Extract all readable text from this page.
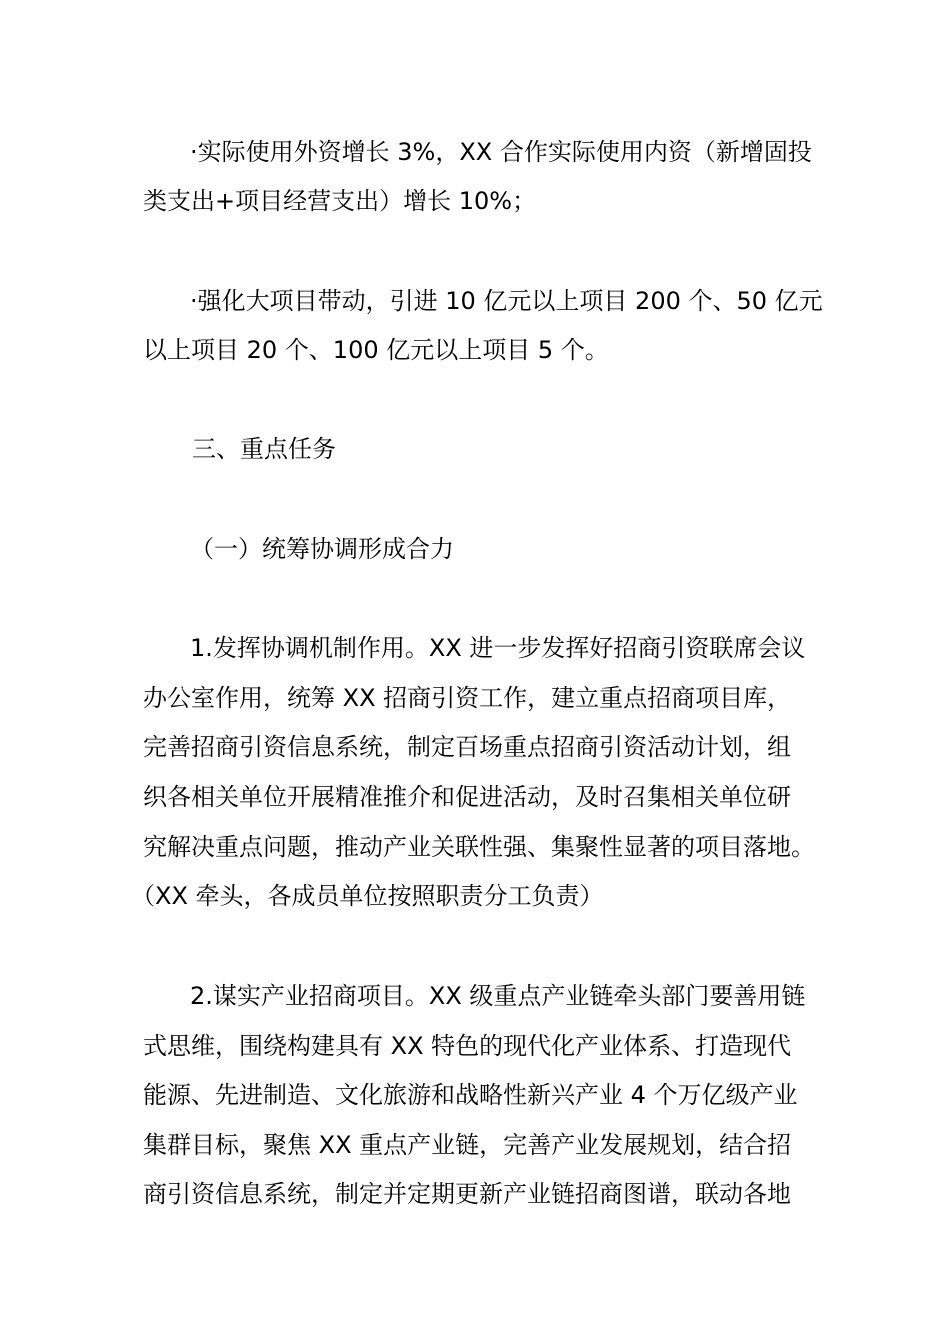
·实际使用外资增长 3%，XX 合作实际使用内资（新增固投
类支出+项目经营支出）增长 10%；
·强化大项目带动，引进 10 亿元以上项目 200 个、50 亿元
以上项目 20 个、100 亿元以上项目 5 个。
三、重点任务
（一）统筹协调形成合力
1.发挥协调机制作用。XX 进一步发挥好招商引资联席会议
办公室作用，统筹 XX 招商引资工作，建立重点招商项目库，
完善招商引资信息系统，制定百场重点招商引资活动计划，组
织各相关单位开展精准推介和促进活动，及时召集相关单位研
究解决重点问题，推动产业关联性强、集聚性显著的项目落地。
（XX 牵头，各成员单位按照职责分工负责）
2.谋实产业招商项目。XX 级重点产业链牵头部门要善用链
式思维，围绕构建具有 XX 特色的现代化产业体系、打造现代
能源、先进制造、文化旅游和战略性新兴产业 4 个万亿级产业
集群目标，聚焦 XX 重点产业链，完善产业发展规划，结合招
商引资信息系统，制定并定期更新产业链招商图谱，联动各地
